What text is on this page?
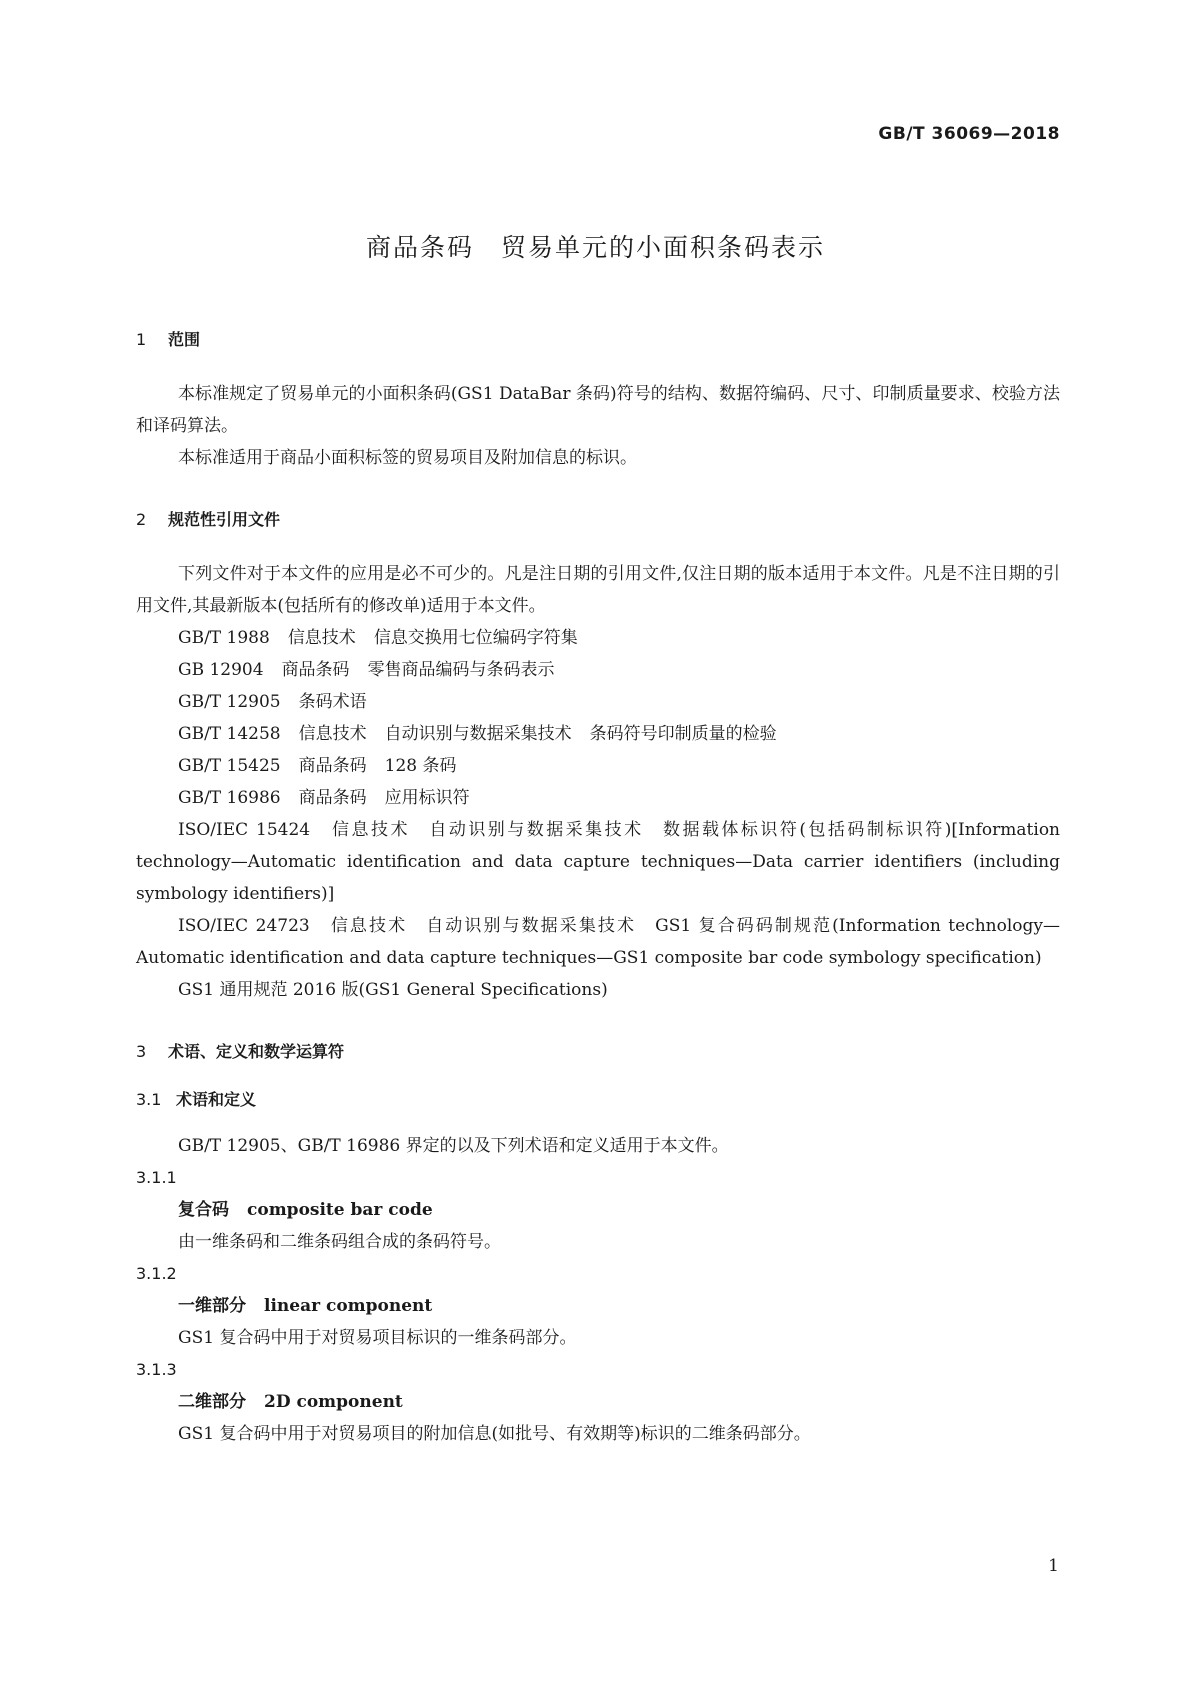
GB/T 36069—2018
商品条码　贸易单元的小面积条码表示
1 范围

本标准规定了贸易单元的小面积条码(GS1 DataBar 条码)符号的结构、数据符编码、尺寸、印制质量要求、校验方法和译码算法。

本标准适用于商品小面积标签的贸易项目及附加信息的标识。

2 规范性引用文件

下列文件对于本文件的应用是必不可少的。凡是注日期的引用文件,仅注日期的版本适用于本文件。凡是不注日期的引用文件,其最新版本(包括所有的修改单)适用于本文件。

GB/T 1988 信息技术 信息交换用七位编码字符集
GB 12904 商品条码 零售商品编码与条码表示
GB/T 12905 条码术语
GB/T 14258 信息技术 自动识别与数据采集技术 条码符号印制质量的检验
GB/T 15425 商品条码 128 条码
GB/T 16986 商品条码 应用标识符

ISO/IEC 15424　信息技术　自动识别与数据采集技术　数据载体标识符(包括码制标识符)[Information technology—Automatic identification and data capture techniques—Data carrier identifiers (including symbology identifiers)]

ISO/IEC 24723　信息技术　自动识别与数据采集技术　GS1 复合码码制规范(Information technology—Automatic identification and data capture techniques—GS1 composite bar code symbology specification)

GS1 通用规范 2016 版(GS1 General Specifications)

3 术语、定义和数学运算符
3.1 术语和定义

GB/T 12905、GB/T 16986 界定的以及下列术语和定义适用于本文件。

3.1.1
复合码 composite bar code
由一维条码和二维条码组合成的条码符号。
3.1.2
一维部分 linear component
GS1 复合码中用于对贸易项目标识的一维条码部分。
3.1.3
二维部分 2D component
GS1 复合码中用于对贸易项目的附加信息(如批号、有效期等)标识的二维条码部分。
1
